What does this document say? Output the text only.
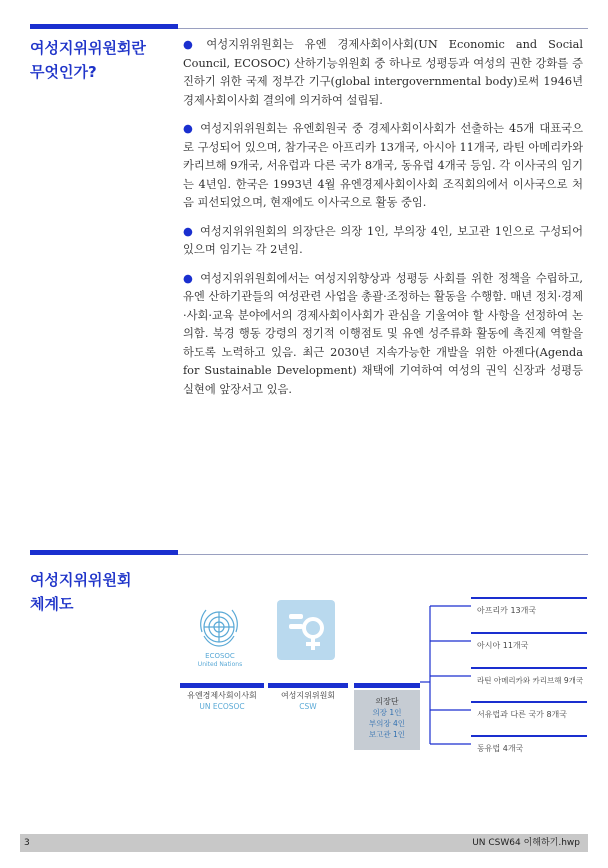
여성지위위원회란
무엇인가?

● 여성지위위원회는 유엔 경제사회이사회(UN Economic and Social Council, ECOSOC) 산하기능위원회 중 하나로 성평등과 여성의 권한 강화를 증진하기 위한 국제 정부간 기구(global intergovernmental body)로써 1946년 경제사회이사회 결의에 의거하여 설립됨.

● 여성지위위원회는 유엔회원국 중 경제사회이사회가 선출하는 45개 대표국으로 구성되어 있으며, 참가국은 아프리카 13개국, 아시아 11개국, 라틴 아메리카와 카리브해 9개국, 서유럽과 다른 국가 8개국, 동유럽 4개국 등임. 각 이사국의 임기는 4년임. 한국은 1993년 4월 유엔경제사회이사회 조직회의에서 이사국으로 처음 피선되었으며, 현재에도 이사국으로 활동 중임.

● 여성지위위원회의 의장단은 의장 1인, 부의장 4인, 보고관 1인으로 구성되어 있으며 임기는 각 2년임.

● 여성지위위원회에서는 여성지위향상과 성평등 사회를 위한 정책을 수립하고, 유엔 산하기관들의 여성관련 사업을 총괄·조정하는 활동을 수행함. 매년 정치·경제·사회·교육 분야에서의 경제사회이사회가 관심을 기울여야 할 사항을 선정하여 논의함. 북경 행동 강령의 정기적 이행점토 및 유엔 성주류화 활동에 촉진제 역할을 하도록 노력하고 있음. 최근 2030년 지속가능한 개발을 위한 아젠다(Agenda for Sustainable Development) 채택에 기여하여 여성의 권익 신장과 성평등 실현에 앞장서고 있음.

여성지위위원회
체계도
ECOSOC
United Nations
유엔경제사회이사회
UN ECOSOC
여성지위위원회
CSW
의장단
의장 1인
부의장 4인
보고관 1인
아프리카 13개국
아시아 11개국
라틴 아메리카와 카리브해 9개국
서유럽과 다른 국가 8개국
동유럽 4개국
3	UN CSW64 이해하기.hwp
